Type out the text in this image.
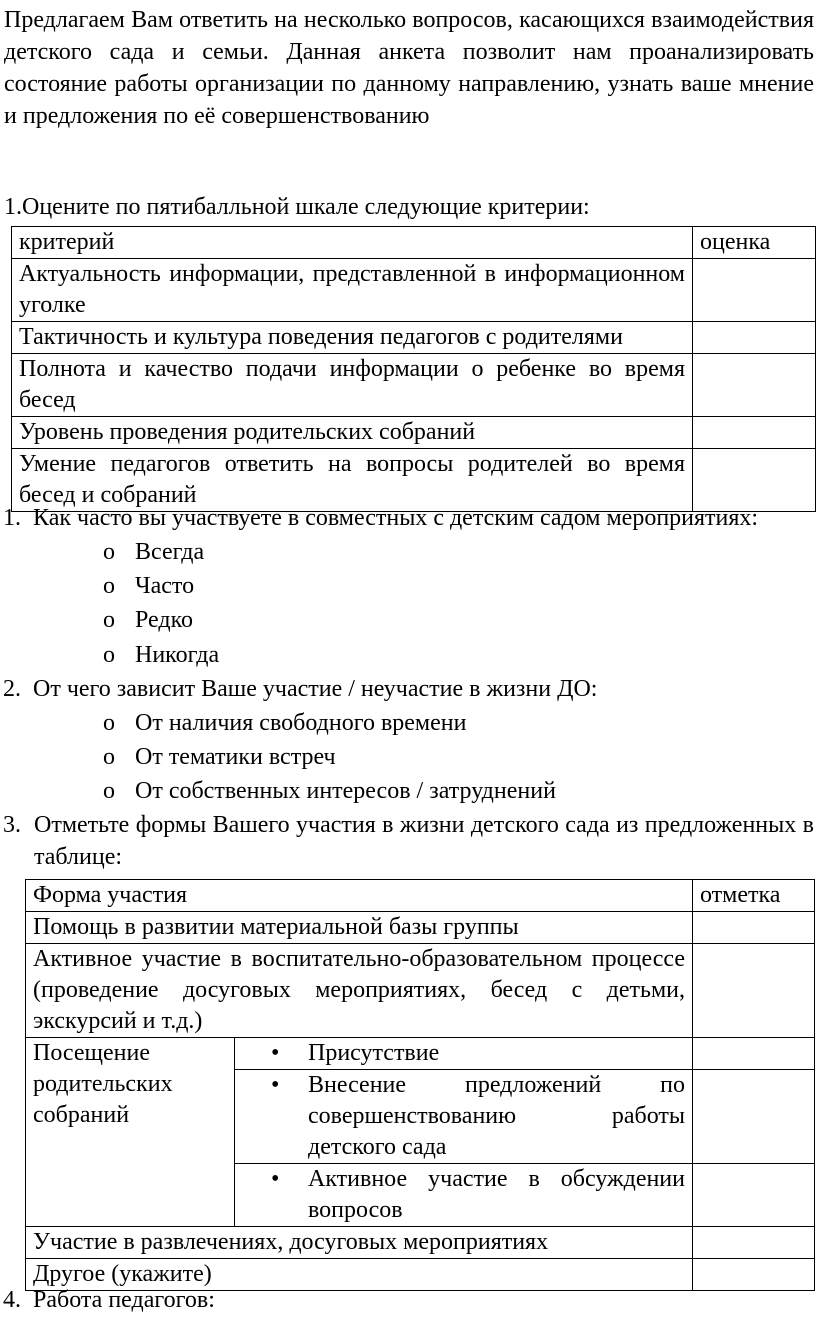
Предлагаем Вам ответить на несколько вопросов, касающихся взаимодействия детского сада и семьи. Данная анкета позволит нам проанализировать состояние работы организации по данному направлению, узнать ваше мнение и предложения по её совершенствованию
1.Оцените по пятибалльной шкале следующие критерии:
критерий	оценка
Актуальность информации, представленной в информационном уголке	
Тактичность и культура поведения педагогов с родителями	
Полнота и качество подачи информации о ребенке во время бесед	
Уровень проведения родительских собраний	
Умение педагогов ответить на вопросы родителей во время бесед и собраний	
1. Как часто вы участвуете в совместных с детским садом мероприятиях:
o Всегда
o Часто
o Редко
o Никогда
2. От чего зависит Ваше участие / неучастие в жизни ДО:
o От наличия свободного времени
o От тематики встреч
o От собственных интересов / затруднений
3. Отметьте формы Вашего участия в жизни детского сада из предложенных в таблице:
Форма участия		отметка
Помощь в развитии материальной базы группы		
Активное участие в воспитательно-образовательном процессе (проведение досуговых мероприятиях, бесед с детьми, экскурсий и т.д.)		
Посещение родительских собраний	• Присутствие	

	• Внесение предложений по совершенствованию работы детского сада	

	• Активное участие в обсуждении вопросов	

Участие в развлечениях, досуговых мероприятиях		
Другое (укажите)		
4. Работа педагогов:
